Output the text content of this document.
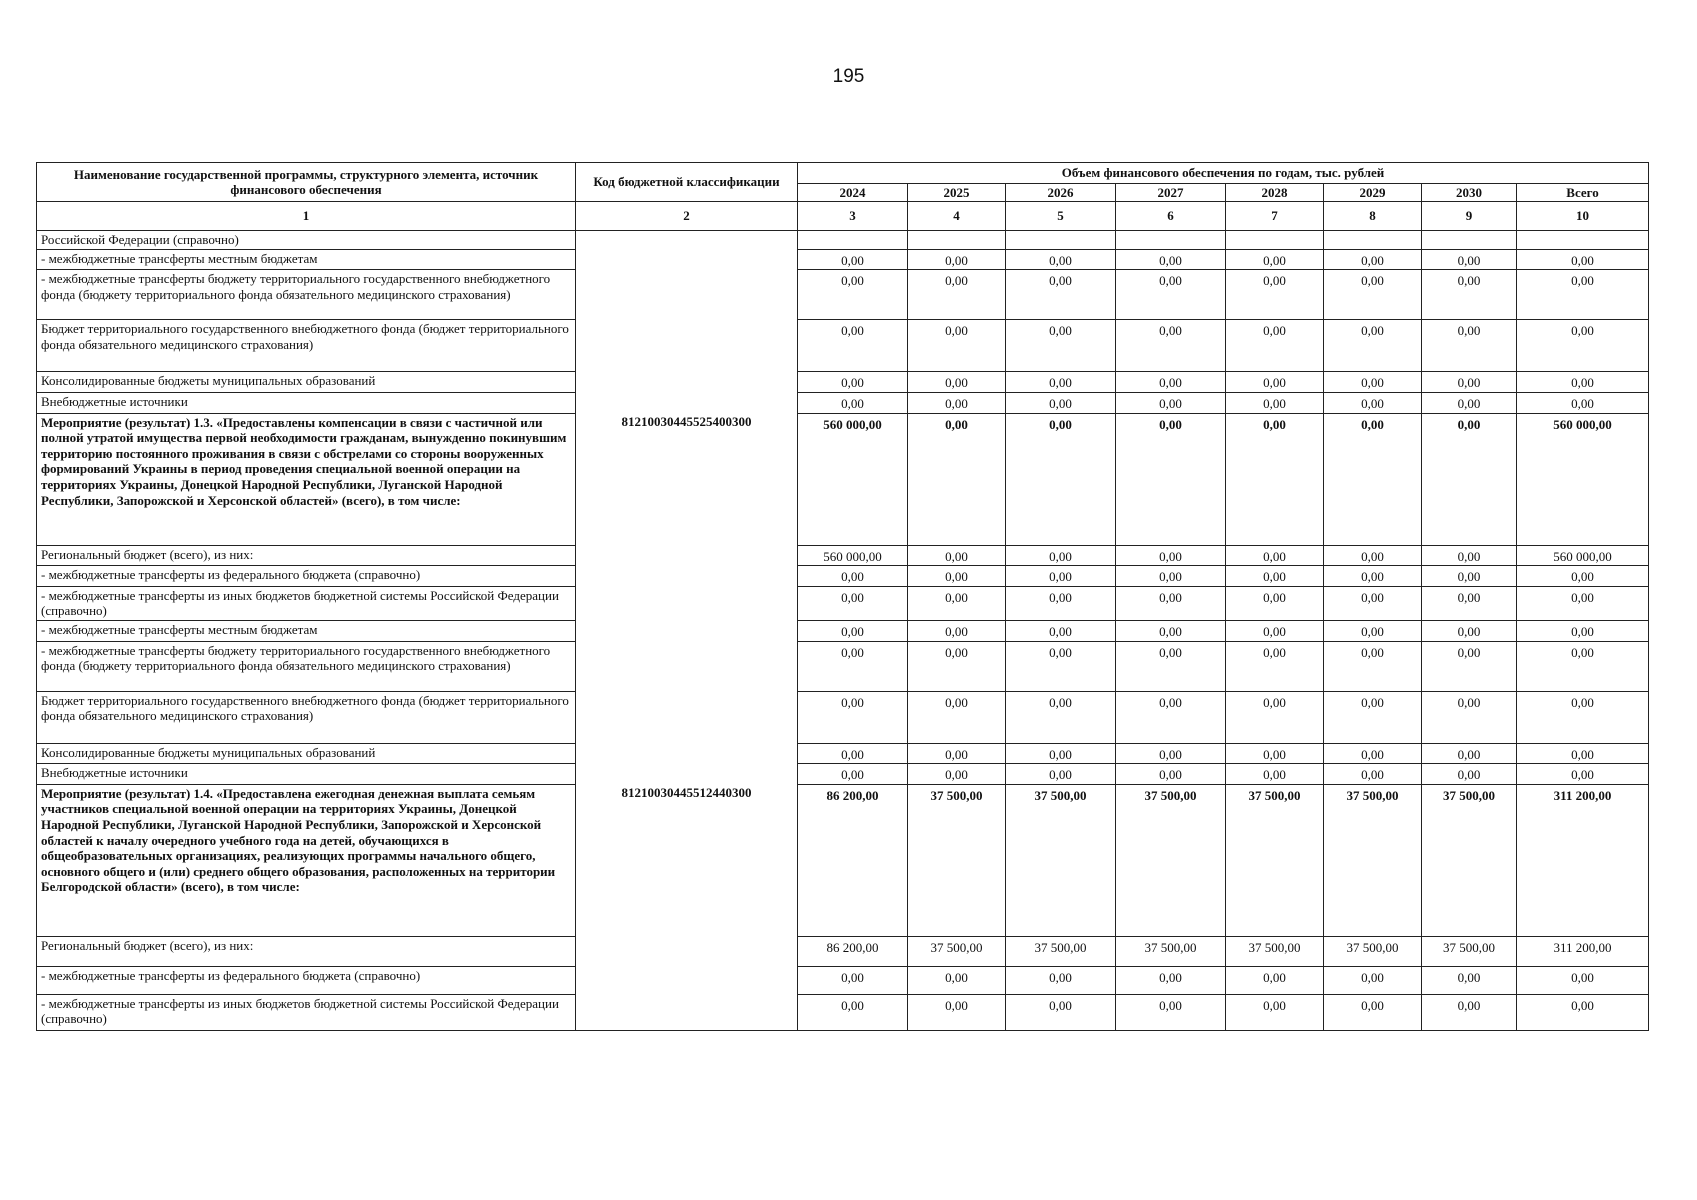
195
Наименование государственной программы, структурного элемента, источник финансового обеспечения	Код бюджетной классификации	Объем финансового обеспечения по годам, тыс. рублей							
		2024	2025	2026	2027	2028	2029	2030	Всего
1	2	3	4	5	6	7	8	9	10
Российской Федерации (справочно)									
- межбюджетные трансферты местным бюджетам		0,00	0,00	0,00	0,00	0,00	0,00	0,00	0,00
- межбюджетные трансферты бюджету территориального государственного внебюджетного фонда (бюджету территориального фонда обязательного медицинского страхования)		0,00	0,00	0,00	0,00	0,00	0,00	0,00	0,00
Бюджет территориального государственного внебюджетного фонда (бюджет территориального фонда обязательного медицинского страхования)		0,00	0,00	0,00	0,00	0,00	0,00	0,00	0,00
Консолидированные бюджеты муниципальных образований		0,00	0,00	0,00	0,00	0,00	0,00	0,00	0,00
Внебюджетные источники		0,00	0,00	0,00	0,00	0,00	0,00	0,00	0,00
Мероприятие (результат) 1.3. «Предоставлены компенсации в связи с частичной или полной утратой имущества первой необходимости гражданам, вынужденно покинувшим территорию постоянного проживания в связи с обстрелами со стороны вооруженных формирований Украины в период проведения специальной военной операции на территориях Украины, Донецкой Народной Республики, Луганской Народной Республики, Запорожской и Херсонской областей» (всего), в том числе:	81210030445525400300	560 000,00	0,00	0,00	0,00	0,00	0,00	0,00	560 000,00
Региональный бюджет (всего), из них:		560 000,00	0,00	0,00	0,00	0,00	0,00	0,00	560 000,00
- межбюджетные трансферты из федерального бюджета (справочно)		0,00	0,00	0,00	0,00	0,00	0,00	0,00	0,00
- межбюджетные трансферты из иных бюджетов бюджетной системы Российской Федерации (справочно)		0,00	0,00	0,00	0,00	0,00	0,00	0,00	0,00
- межбюджетные трансферты местным бюджетам		0,00	0,00	0,00	0,00	0,00	0,00	0,00	0,00
- межбюджетные трансферты бюджету территориального государственного внебюджетного фонда (бюджету территориального фонда обязательного медицинского страхования)		0,00	0,00	0,00	0,00	0,00	0,00	0,00	0,00
Бюджет территориального государственного внебюджетного фонда (бюджет территориального фонда обязательного медицинского страхования)		0,00	0,00	0,00	0,00	0,00	0,00	0,00	0,00
Консолидированные бюджеты муниципальных образований		0,00	0,00	0,00	0,00	0,00	0,00	0,00	0,00
Внебюджетные источники		0,00	0,00	0,00	0,00	0,00	0,00	0,00	0,00
Мероприятие (результат) 1.4. «Предоставлена ежегодная денежная выплата семьям участников специальной военной операции на территориях Украины, Донецкой Народной Республики, Луганской Народной Республики, Запорожской и Херсонской областей к началу очередного учебного года на детей, обучающихся в общеобразовательных организациях, реализующих программы начального общего, основного общего и (или) среднего общего образования, расположенных на территории Белгородской области» (всего), в том числе:	81210030445512440300	86 200,00	37 500,00	37 500,00	37 500,00	37 500,00	37 500,00	37 500,00	311 200,00
Региональный бюджет (всего), из них:		86 200,00	37 500,00	37 500,00	37 500,00	37 500,00	37 500,00	37 500,00	311 200,00
- межбюджетные трансферты из федерального бюджета (справочно)		0,00	0,00	0,00	0,00	0,00	0,00	0,00	0,00
- межбюджетные трансферты из иных бюджетов бюджетной системы Российской Федерации (справочно)		0,00	0,00	0,00	0,00	0,00	0,00	0,00	0,00
